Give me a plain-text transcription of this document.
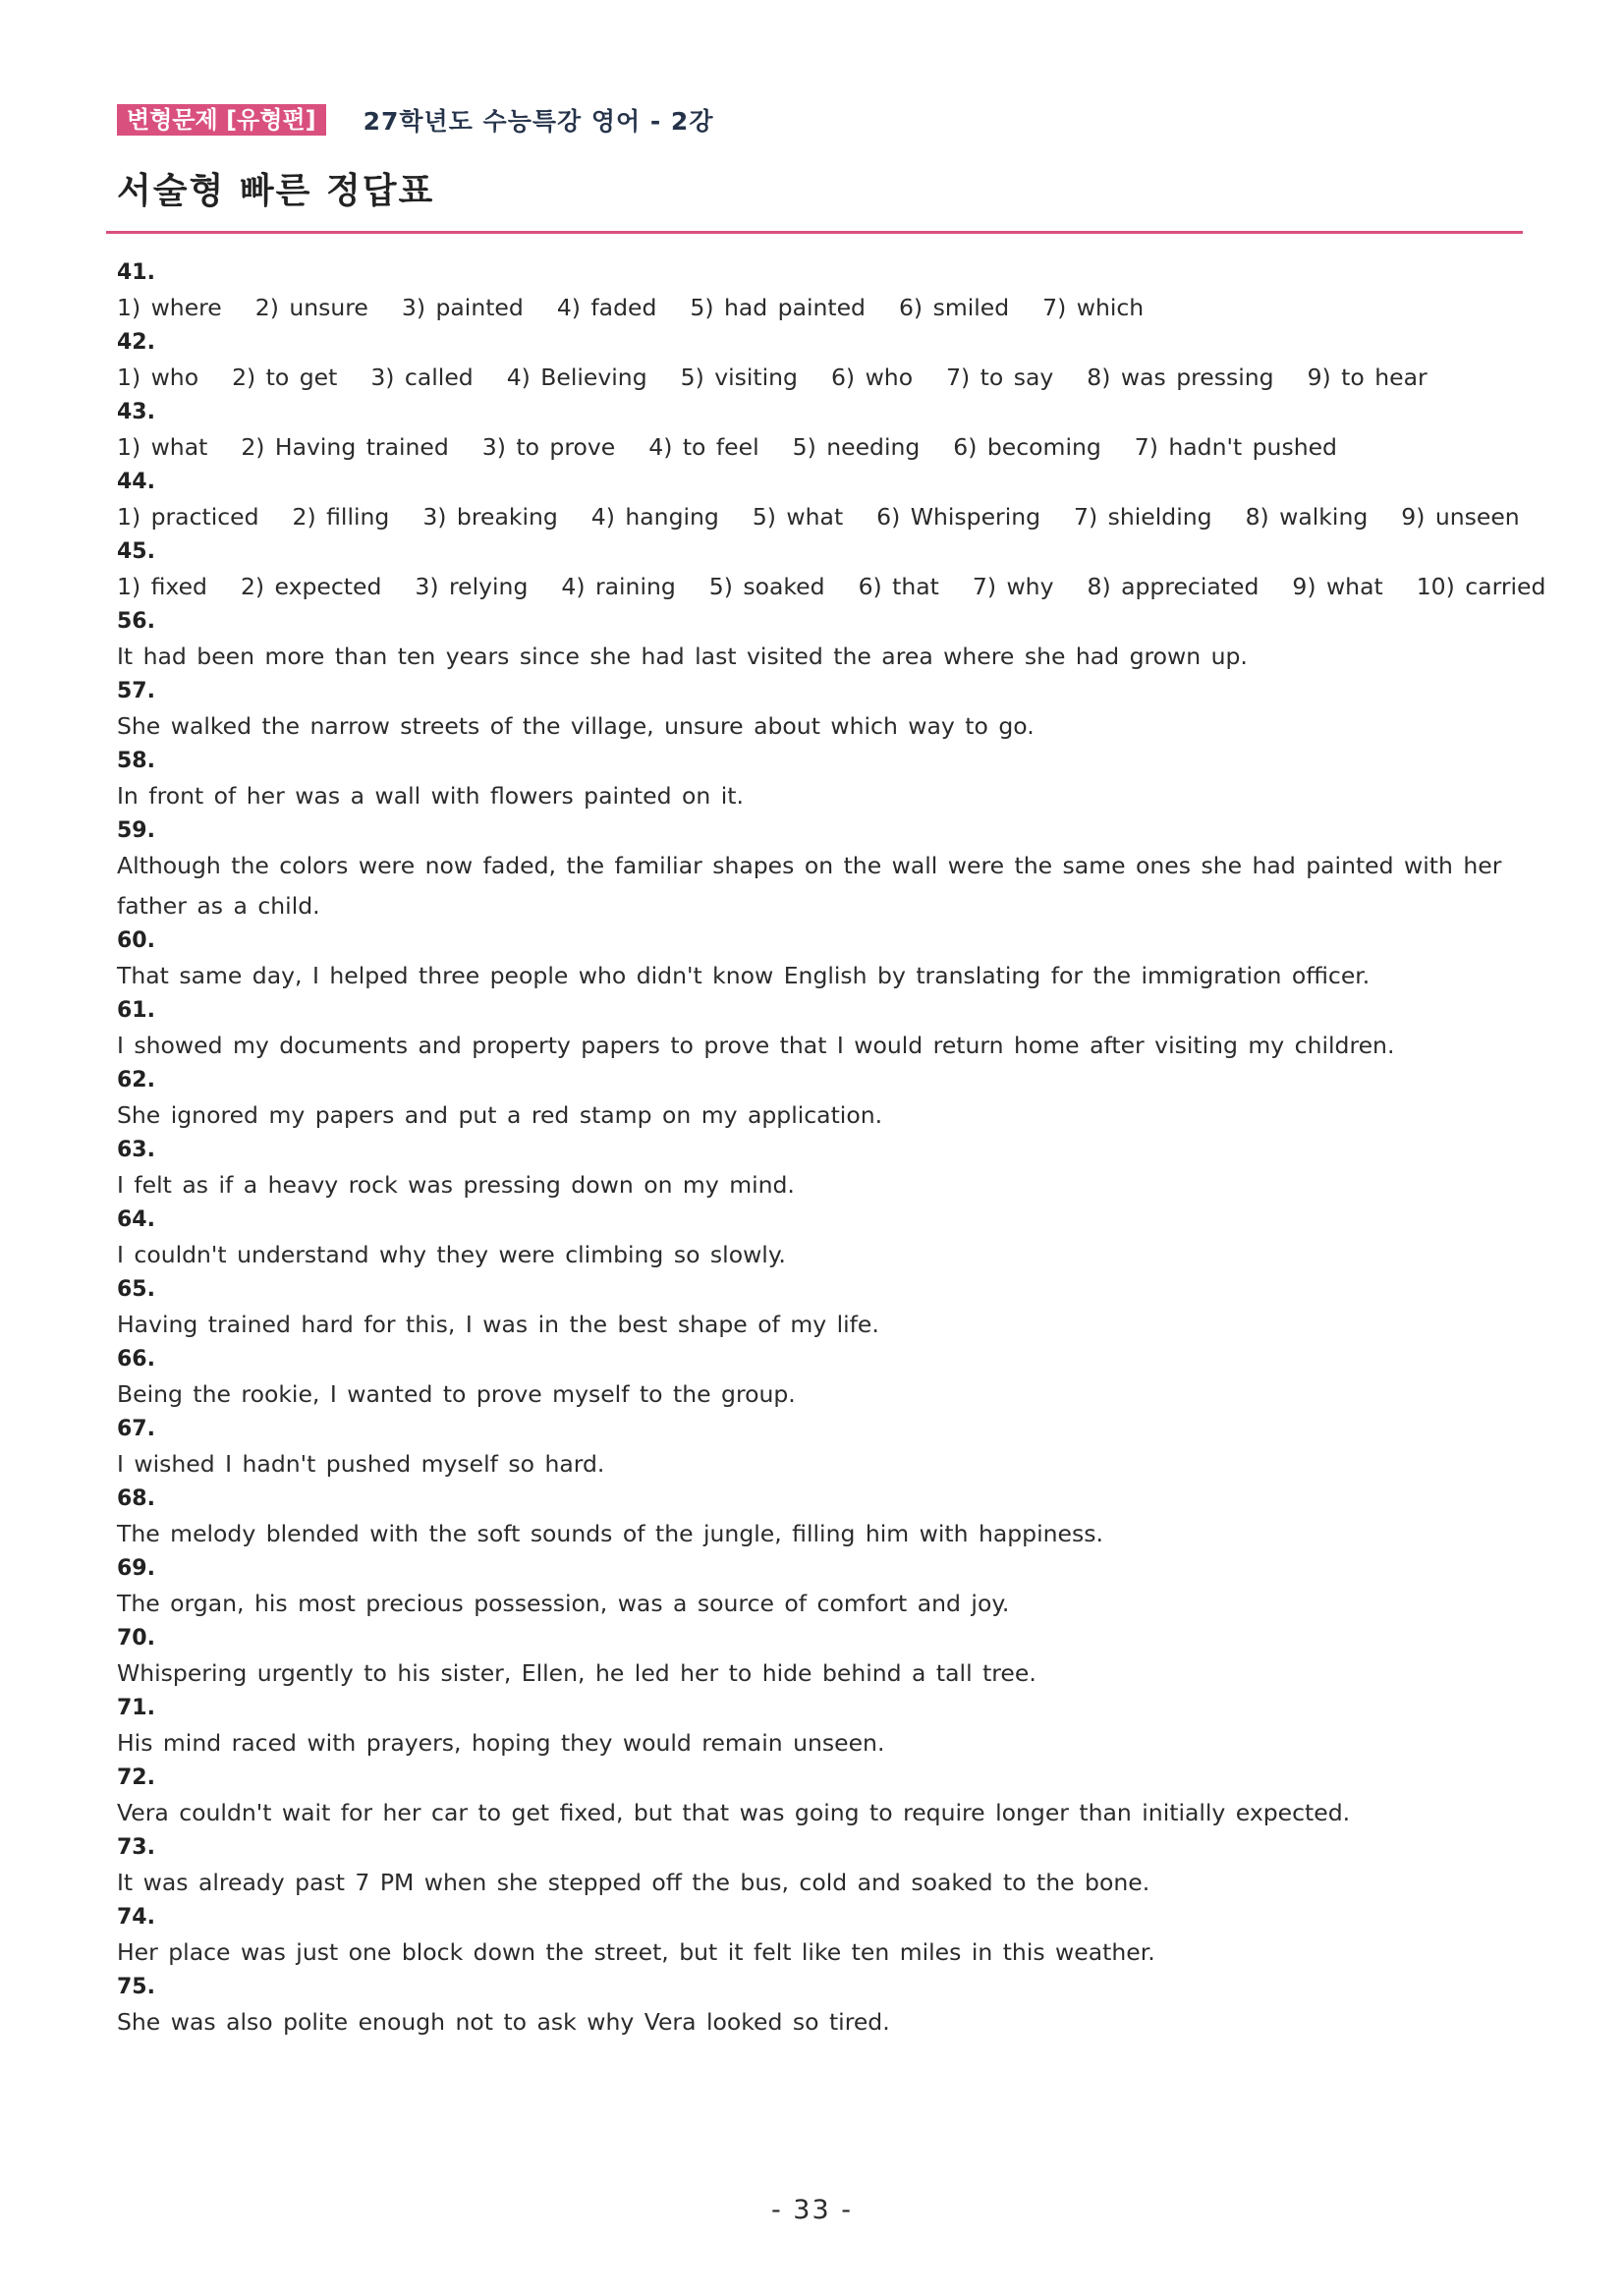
변형문제 [유형편]	27학년도 수능특강 영어 - 2강
서술형 빠른 정답표
41.
1) where 2) unsure 3) painted 4) faded 5) had painted 6) smiled 7) which
42.
1) who 2) to get 3) called 4) Believing 5) visiting 6) who 7) to say 8) was pressing 9) to hear
43.
1) what 2) Having trained 3) to prove 4) to feel 5) needing 6) becoming 7) hadn't pushed
44.
1) practiced 2) filling 3) breaking 4) hanging 5) what 6) Whispering 7) shielding 8) walking 9) unseen
45.
1) fixed 2) expected 3) relying 4) raining 5) soaked 6) that 7) why 8) appreciated 9) what 10) carried
56.
It had been more than ten years since she had last visited the area where she had grown up.
57.
She walked the narrow streets of the village, unsure about which way to go.
58.
In front of her was a wall with flowers painted on it.
59.
Although the colors were now faded, the familiar shapes on the wall were the same ones she had painted with her father as a child.
60.
That same day, I helped three people who didn't know English by translating for the immigration officer.
61.
I showed my documents and property papers to prove that I would return home after visiting my children.
62.
She ignored my papers and put a red stamp on my application.
63.
I felt as if a heavy rock was pressing down on my mind.
64.
I couldn't understand why they were climbing so slowly.
65.
Having trained hard for this, I was in the best shape of my life.
66.
Being the rookie, I wanted to prove myself to the group.
67.
I wished I hadn't pushed myself so hard.
68.
The melody blended with the soft sounds of the jungle, filling him with happiness.
69.
The organ, his most precious possession, was a source of comfort and joy.
70.
Whispering urgently to his sister, Ellen, he led her to hide behind a tall tree.
71.
His mind raced with prayers, hoping they would remain unseen.
72.
Vera couldn't wait for her car to get fixed, but that was going to require longer than initially expected.
73.
It was already past 7 PM when she stepped off the bus, cold and soaked to the bone.
74.
Her place was just one block down the street, but it felt like ten miles in this weather.
75.
She was also polite enough not to ask why Vera looked so tired.
- 33 -
